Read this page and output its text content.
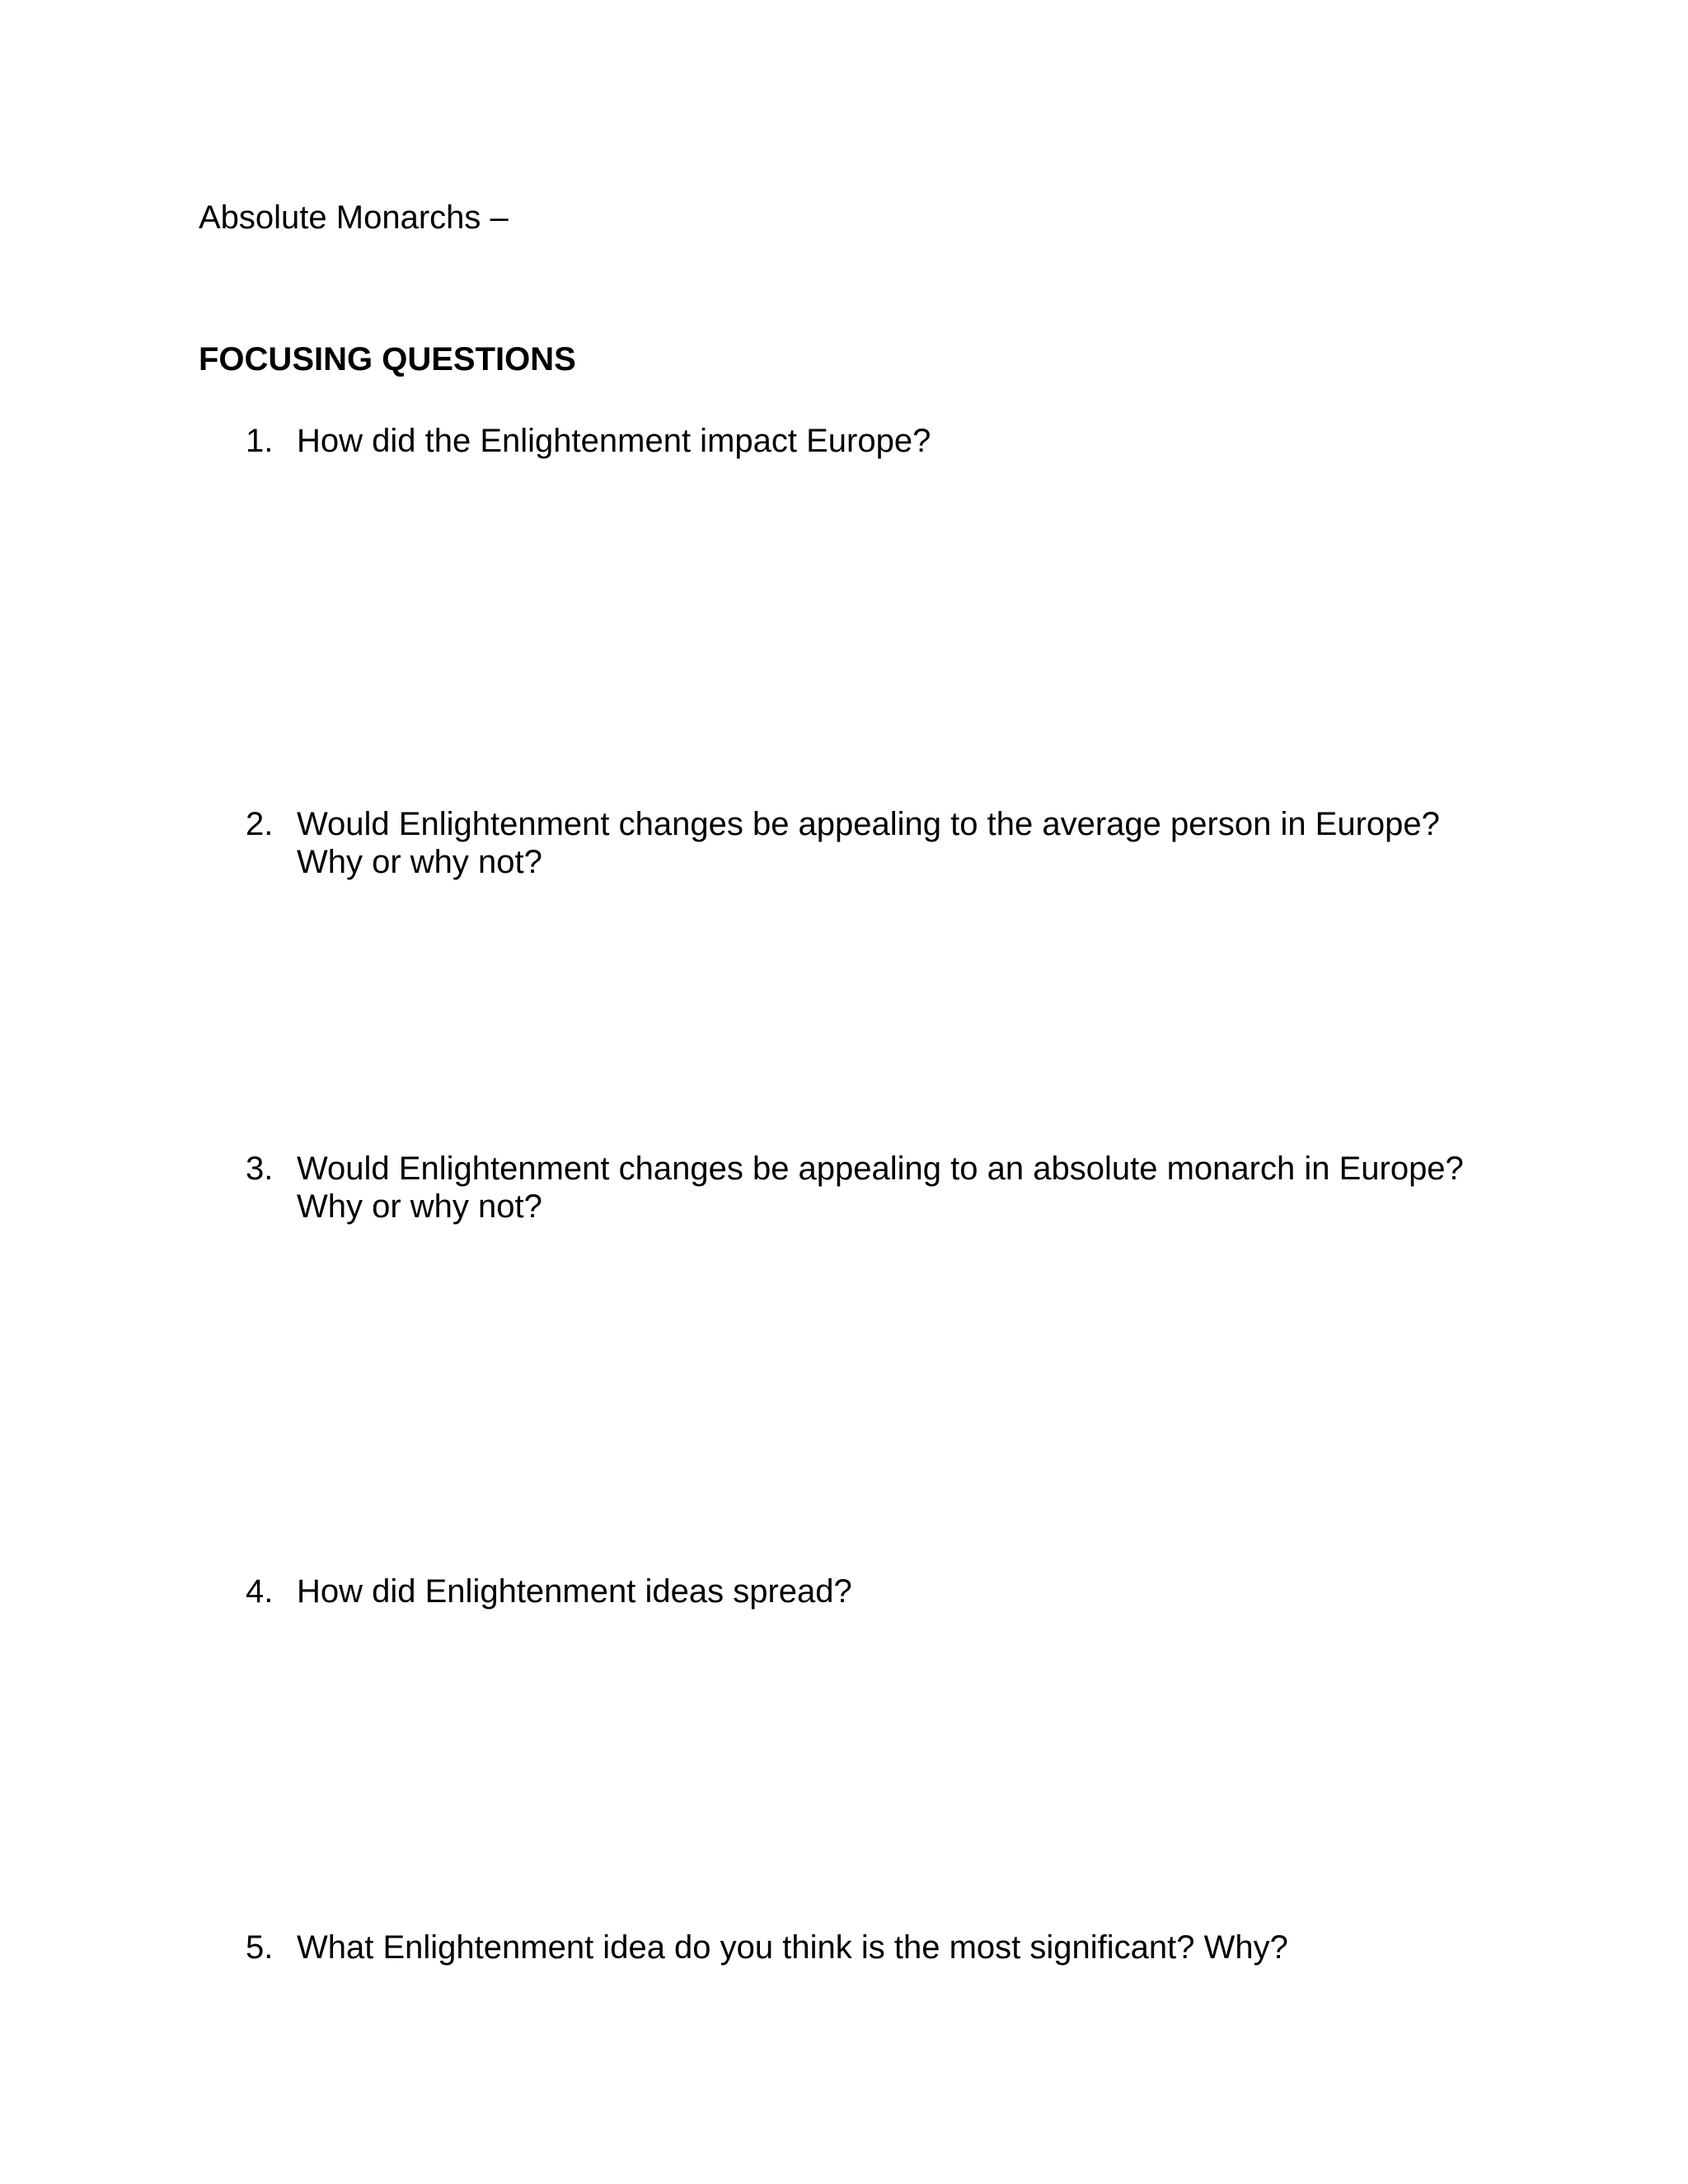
Absolute Monarchs –
FOCUSING QUESTIONS
1. How did the Enlightenment impact Europe?
2. Would Enlightenment changes be appealing to the average person in Europe?
Why or why not?
3. Would Enlightenment changes be appealing to an absolute monarch in Europe?
Why or why not?
4. How did Enlightenment ideas spread?
5. What Enlightenment idea do you think is the most significant? Why?
